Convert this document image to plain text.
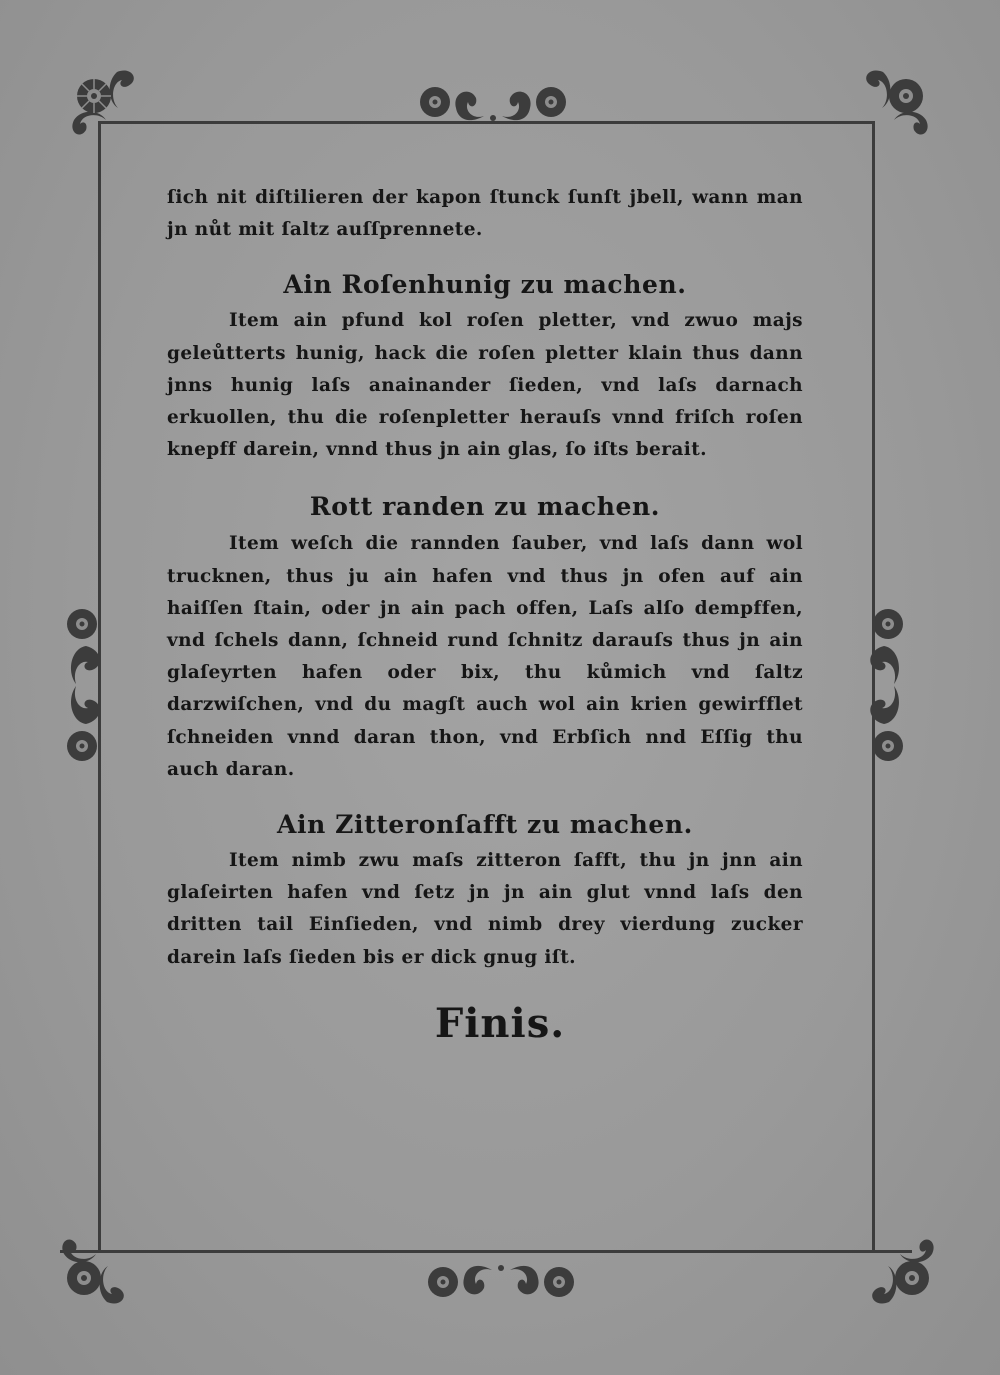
ſich nit diſtilieren der kapon ſtunck ſunſt jbell, wann man jn nůt mit ſaltz auſſprennete.

Ain Roſenhunig zu machen.

Item ain pfund kol roſen pletter, vnd zwuo majs geleůtterts hunig, hack die roſen pletter klain thus dann jnns hunig laſs anainander ſieden, vnd laſs darnach erkuollen, thu die roſenpletter herauſs vnnd friſch roſen knepff darein, vnnd thus jn ain glas, ſo iſts berait.

Rott randen zu machen.

Item weſch die rannden ſauber, vnd laſs dann wol trucknen, thus ju ain hafen vnd thus jn ofen auf ain haiſſen ſtain, oder jn ain pach offen, Laſs alſo dempffen, vnd ſchels dann, ſchneid rund ſchnitz darauſs thus jn ain glaſeyrten hafen oder bix, thu kůmich vnd ſaltz darzwiſchen, vnd du magſt auch wol ain krien gewirfflet ſchneiden vnnd daran thon, vnd Erbſich nnd Eſſig thu auch daran.

Ain Zitteronſafft zu machen.

Item nimb zwu maſs zitteron ſafft, thu jn jnn ain glaſeirten hafen vnd ſetz jn jn ain glut vnnd laſs den dritten tail Einſieden, vnd nimb drey vierdung zucker darein laſs ſieden bis er dick gnug iſt.

Finis.
